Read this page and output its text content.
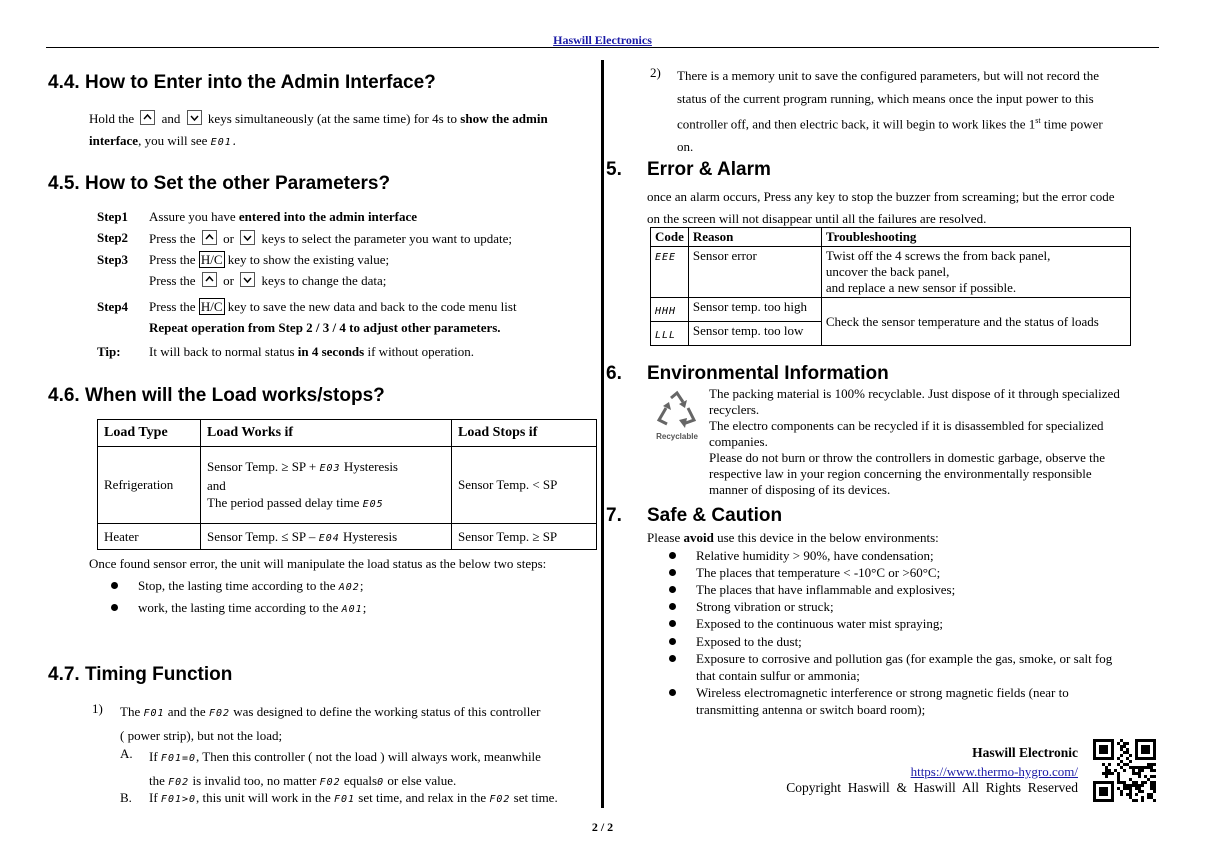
Haswill Electronics
4.4. How to Enter into the Admin Interface?
Hold the and keys simultaneously (at the same time) for 4s to show the admin
interface, you will see E01.
4.5. How to Set the other Parameters?
Step1 Assure you have entered into the admin interface
Step2 Press the or keys to select the parameter you want to update;
Step3 Press the H/C key to show the existing value;
Press the or keys to change the data;
Step4 Press the H/C key to save the new data and back to the code menu list
Repeat operation from Step 2 / 3 / 4 to adjust other parameters.
Tip: It will back to normal status in 4 seconds if without operation.
4.6. When will the Load works/stops?
Load Type	Load Works if	Load Stops if
Refrigeration	Sensor Temp. ≥ SP + E03 Hysteresis
and
The period passed delay time E05	Sensor Temp. < SP
Heater	Sensor Temp. ≤ SP – E04 Hysteresis	Sensor Temp. ≥ SP
Once found sensor error, the unit will manipulate the load status as the below two steps:
Stop, the lasting time according to the A02;
work, the lasting time according to the A01;
4.7. Timing Function
1) The F01 and the F02 was designed to define the working status of this controller
( power strip), but not the load;
A. If F01=0, Then this controller ( not the load ) will always work, meanwhile
the F02 is invalid too, no matter F02 equals0 or else value.
B. If F01>0, this unit will work in the F01 set time, and relax in the F02 set time.
2) There is a memory unit to save the configured parameters, but will not record the
status of the current program running, which means once the input power to this
controller off, and then electric back, it will begin to work likes the 1st time power
on.
5. Error & Alarm
once an alarm occurs, Press any key to stop the buzzer from screaming; but the error code
on the screen will not disappear until all the failures are resolved.
Code	Reason	Troubleshooting
EEE	Sensor error	Twist off the 4 screws the from back panel,
uncover the back panel,
and replace a new sensor if possible.
HHH	Sensor temp. too high	Check the sensor temperature and the status of loads
LLL	Sensor temp. too low	
6. Environmental Information
Recyclable
The packing material is 100% recyclable. Just dispose of it through specialized
recyclers.
The electro components can be recycled if it is disassembled for specialized
companies.
Please do not burn or throw the controllers in domestic garbage, observe the
respective law in your region concerning the environmentally responsible
manner of disposing of its devices.
7. Safe & Caution
Please avoid use this device in the below environments:
Relative humidity > 90%, have condensation;
The places that temperature < -10°C or >60°C;
The places that have inflammable and explosives;
Strong vibration or struck;
Exposed to the continuous water mist spraying;
Exposed to the dust;
Exposure to corrosive and pollution gas (for example the gas, smoke, or salt fog
that contain sulfur or ammonia;
Wireless electromagnetic interference or strong magnetic fields (near to
transmitting antenna or switch board room);
Haswill Electronic
https://www.thermo-hygro.com/
Copyright  Haswill  &  Haswill  All  Rights  Reserved
2 / 2
